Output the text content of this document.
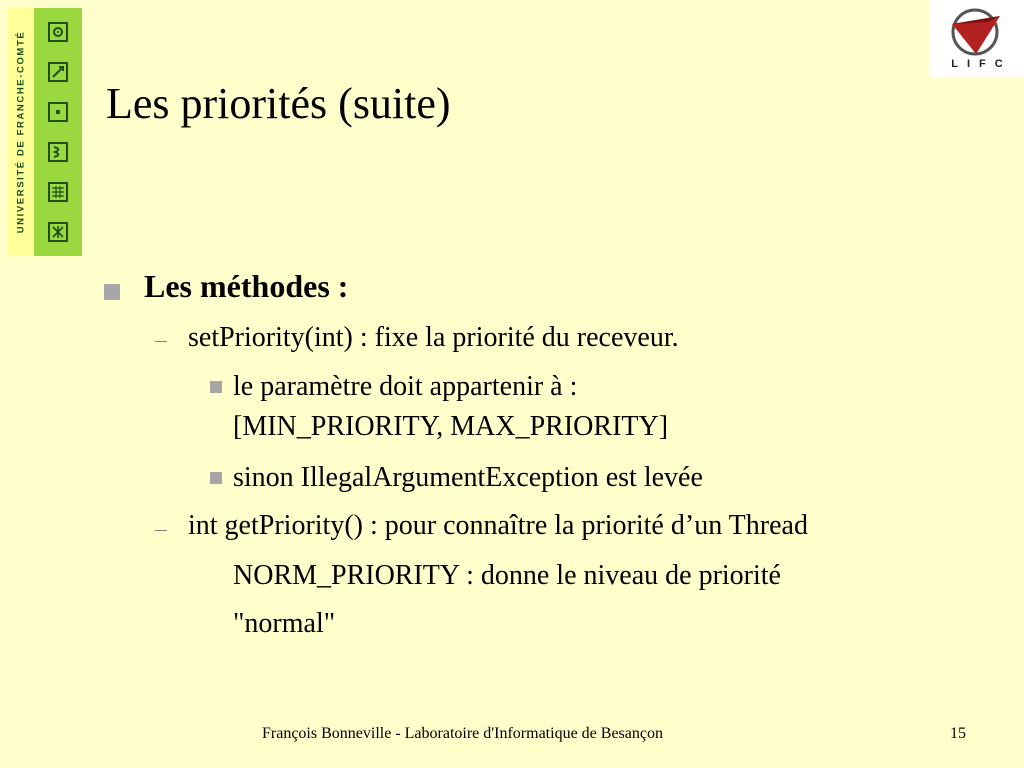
UNIVERSITÉ DE FRANCHE-COMTÉ	LIFC
Les priorités (suite)
Les méthodes :
setPriority(int) : fixe la priorité du receveur.
le paramètre doit appartenir à :
[MIN_PRIORITY, MAX_PRIORITY]
sinon IllegalArgumentException est levée
int getPriority() : pour connaître la priorité d’un Thread
NORM_PRIORITY : donne le niveau de priorité
"normal"
François Bonneville - Laboratoire d'Informatique de Besançon	15
